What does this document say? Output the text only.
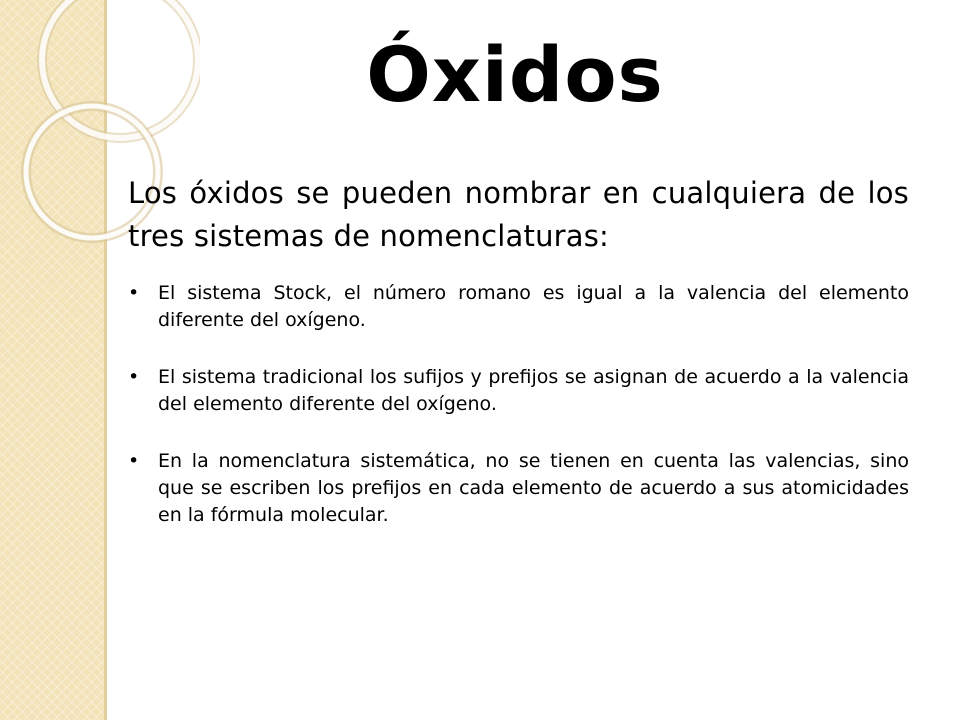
Óxidos

Los óxidos se pueden nombrar en cualquiera de los tres sistemas de nomenclaturas:

• El sistema Stock, el número romano es igual a la valencia del elemento diferente del oxígeno.
• El sistema tradicional los sufijos y prefijos se asignan de acuerdo a la valencia del elemento diferente del oxígeno.
• En la nomenclatura sistemática, no se tienen en cuenta las valencias, sino que se escriben los prefijos en cada elemento de acuerdo a sus atomicidades en la fórmula molecular.
